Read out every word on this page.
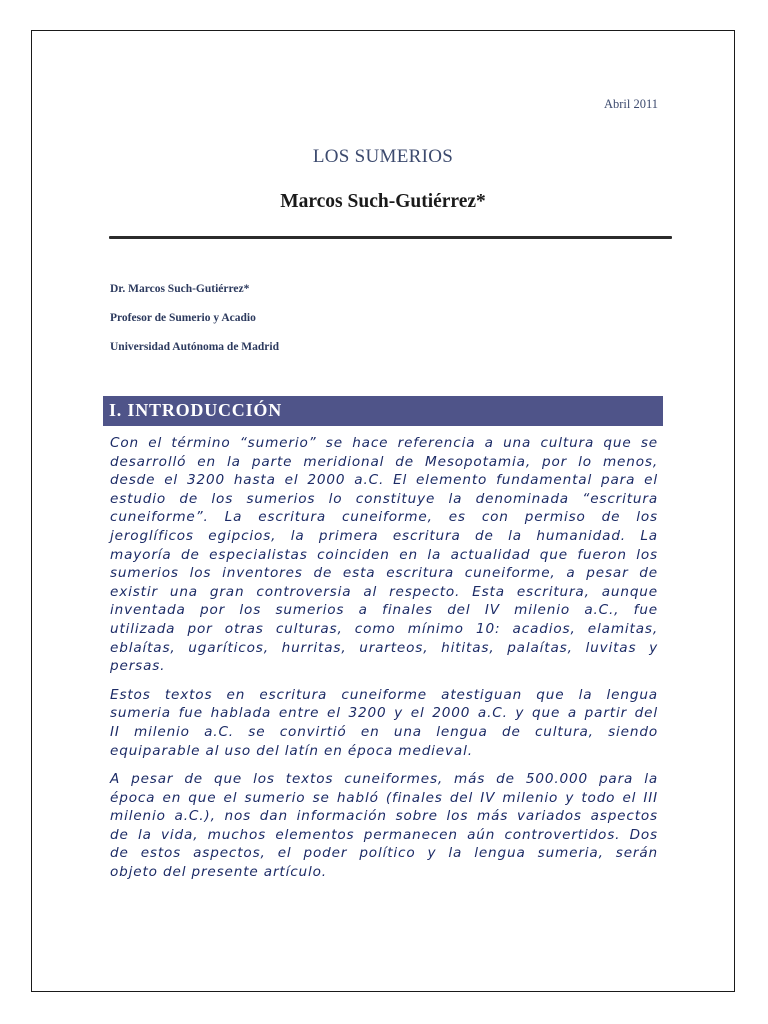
Abril 2011
LOS SUMERIOS
Marcos Such-Gutiérrez*
Dr. Marcos Such-Gutiérrez*
Profesor de Sumerio y Acadio
Universidad Autónoma de Madrid
I. INTRODUCCIÓN
Con el término “sumerio” se hace referencia a una cultura que se
desarrolló en la parte meridional de Mesopotamia, por lo menos,
desde el 3200 hasta el 2000 a.C. El elemento fundamental para el
estudio de los sumerios lo constituye la denominada “escritura
cuneiforme”. La escritura cuneiforme, es con permiso de los
jeroglíficos egipcios, la primera escritura de la humanidad. La
mayoría de especialistas coinciden en la actualidad que fueron los
sumerios los inventores de esta escritura cuneiforme, a pesar de
existir una gran controversia al respecto. Esta escritura, aunque
inventada por los sumerios a finales del IV milenio a.C., fue
utilizada por otras culturas, como mínimo 10: acadios, elamitas,
eblaítas, ugaríticos, hurritas, urarteos, hititas, palaítas, luvitas y
persas.
Estos textos en escritura cuneiforme atestiguan que la lengua
sumeria fue hablada entre el 3200 y el 2000 a.C. y que a partir del
II milenio a.C. se convirtió en una lengua de cultura, siendo
equiparable al uso del latín en época medieval.
A pesar de que los textos cuneiformes, más de 500.000 para la
época en que el sumerio se habló (finales del IV milenio y todo el III
milenio a.C.), nos dan información sobre los más variados aspectos
de la vida, muchos elementos permanecen aún controvertidos. Dos
de estos aspectos, el poder político y la lengua sumeria, serán
objeto del presente artículo.
